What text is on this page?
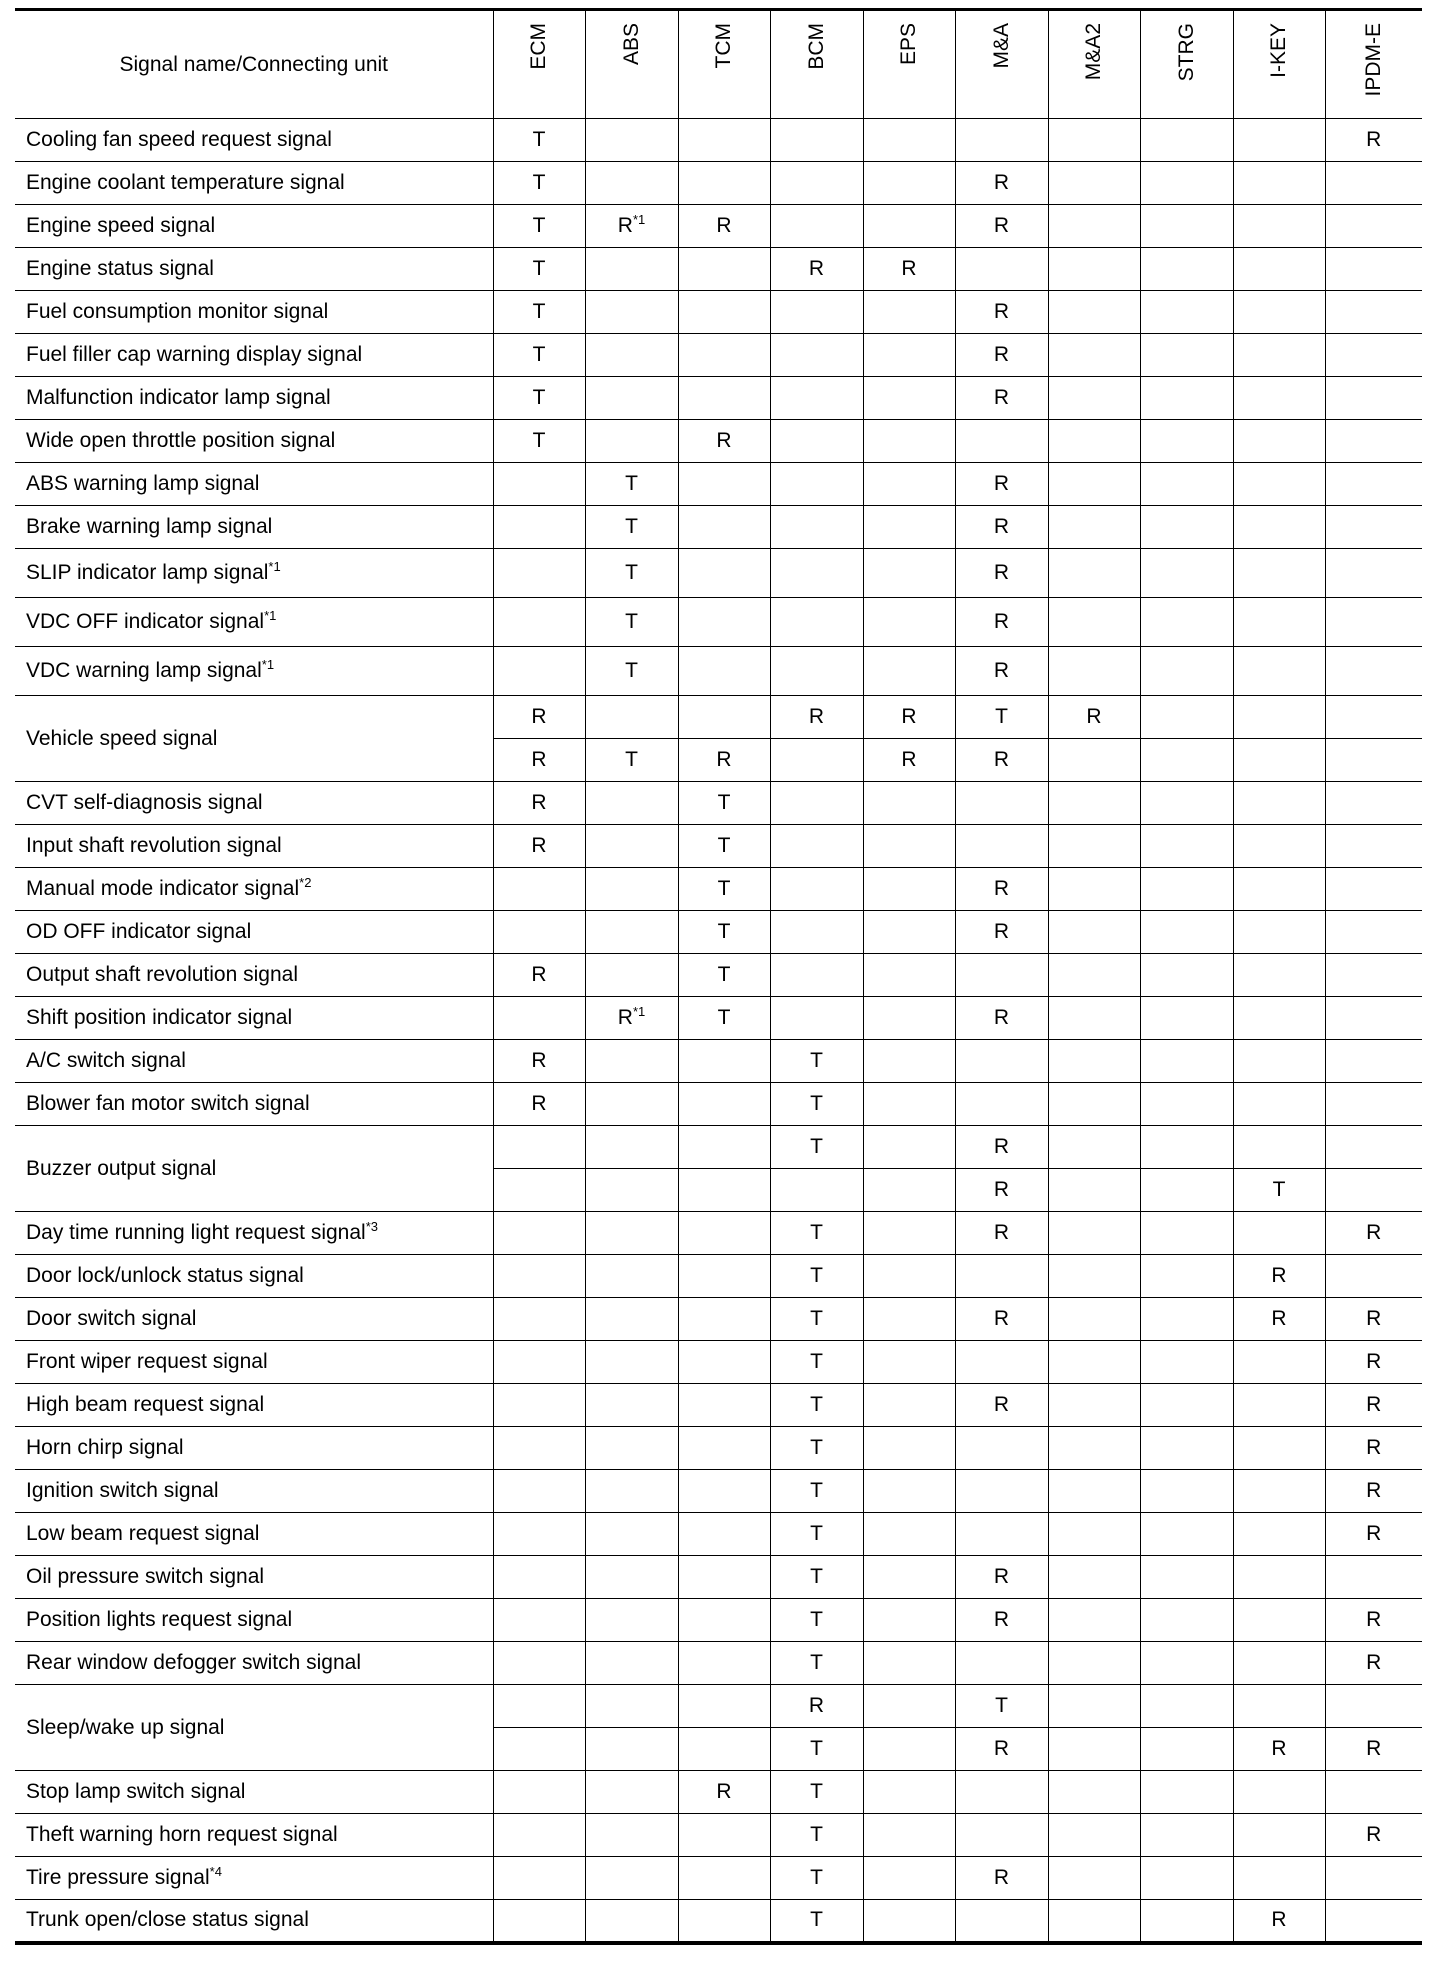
Signal name/Connecting unit	ECM	ABS	TCM	BCM	EPS	M&A	M&A2	STRG	I-KEY	IPDM-E
Cooling fan speed request signal	T									R
Engine coolant temperature signal	T					R				
Engine speed signal	T	$R^{*1}$	R			R				
Engine status signal	T			R	R					
Fuel consumption monitor signal	T					R				
Fuel filler cap warning display signal	T					R				
Malfunction indicator lamp signal	T					R				
Wide open throttle position signal	T		R							
ABS warning lamp signal		T				R				
Brake warning lamp signal		T				R				
SLIP indicator lamp signal$^{*1}$		T				R				
VDC OFF indicator signal$^{*1}$		T				R				
VDC warning lamp signal$^{*1}$		T				R				
Vehicle speed signal	R			R	R	T	R			
	R	T	R		R	R				
CVT self-diagnosis signal	R		T							
Input shaft revolution signal	R		T							
Manual mode indicator signal$^{*2}$			T			R				
OD OFF indicator signal			T			R				
Output shaft revolution signal	R		T							
Shift position indicator signal		$R^{*1}$	T			R				
A/C switch signal	R			T						
Blower fan motor switch signal	R			T						
Buzzer output signal				T		R				
						R			T	
Day time running light request signal$^{*3}$				T		R				R
Door lock/unlock status signal				T					R	
Door switch signal				T		R			R	R
Front wiper request signal				T						R
High beam request signal				T		R				R
Horn chirp signal				T						R
Ignition switch signal				T						R
Low beam request signal				T						R
Oil pressure switch signal				T		R				
Position lights request signal				T		R				R
Rear window defogger switch signal				T						R
Sleep/wake up signal				R		T				
				T		R			R	R
Stop lamp switch signal			R	T						
Theft warning horn request signal				T						R
Tire pressure signal$^{*4}$				T		R				
Trunk open/close status signal				T					R	
